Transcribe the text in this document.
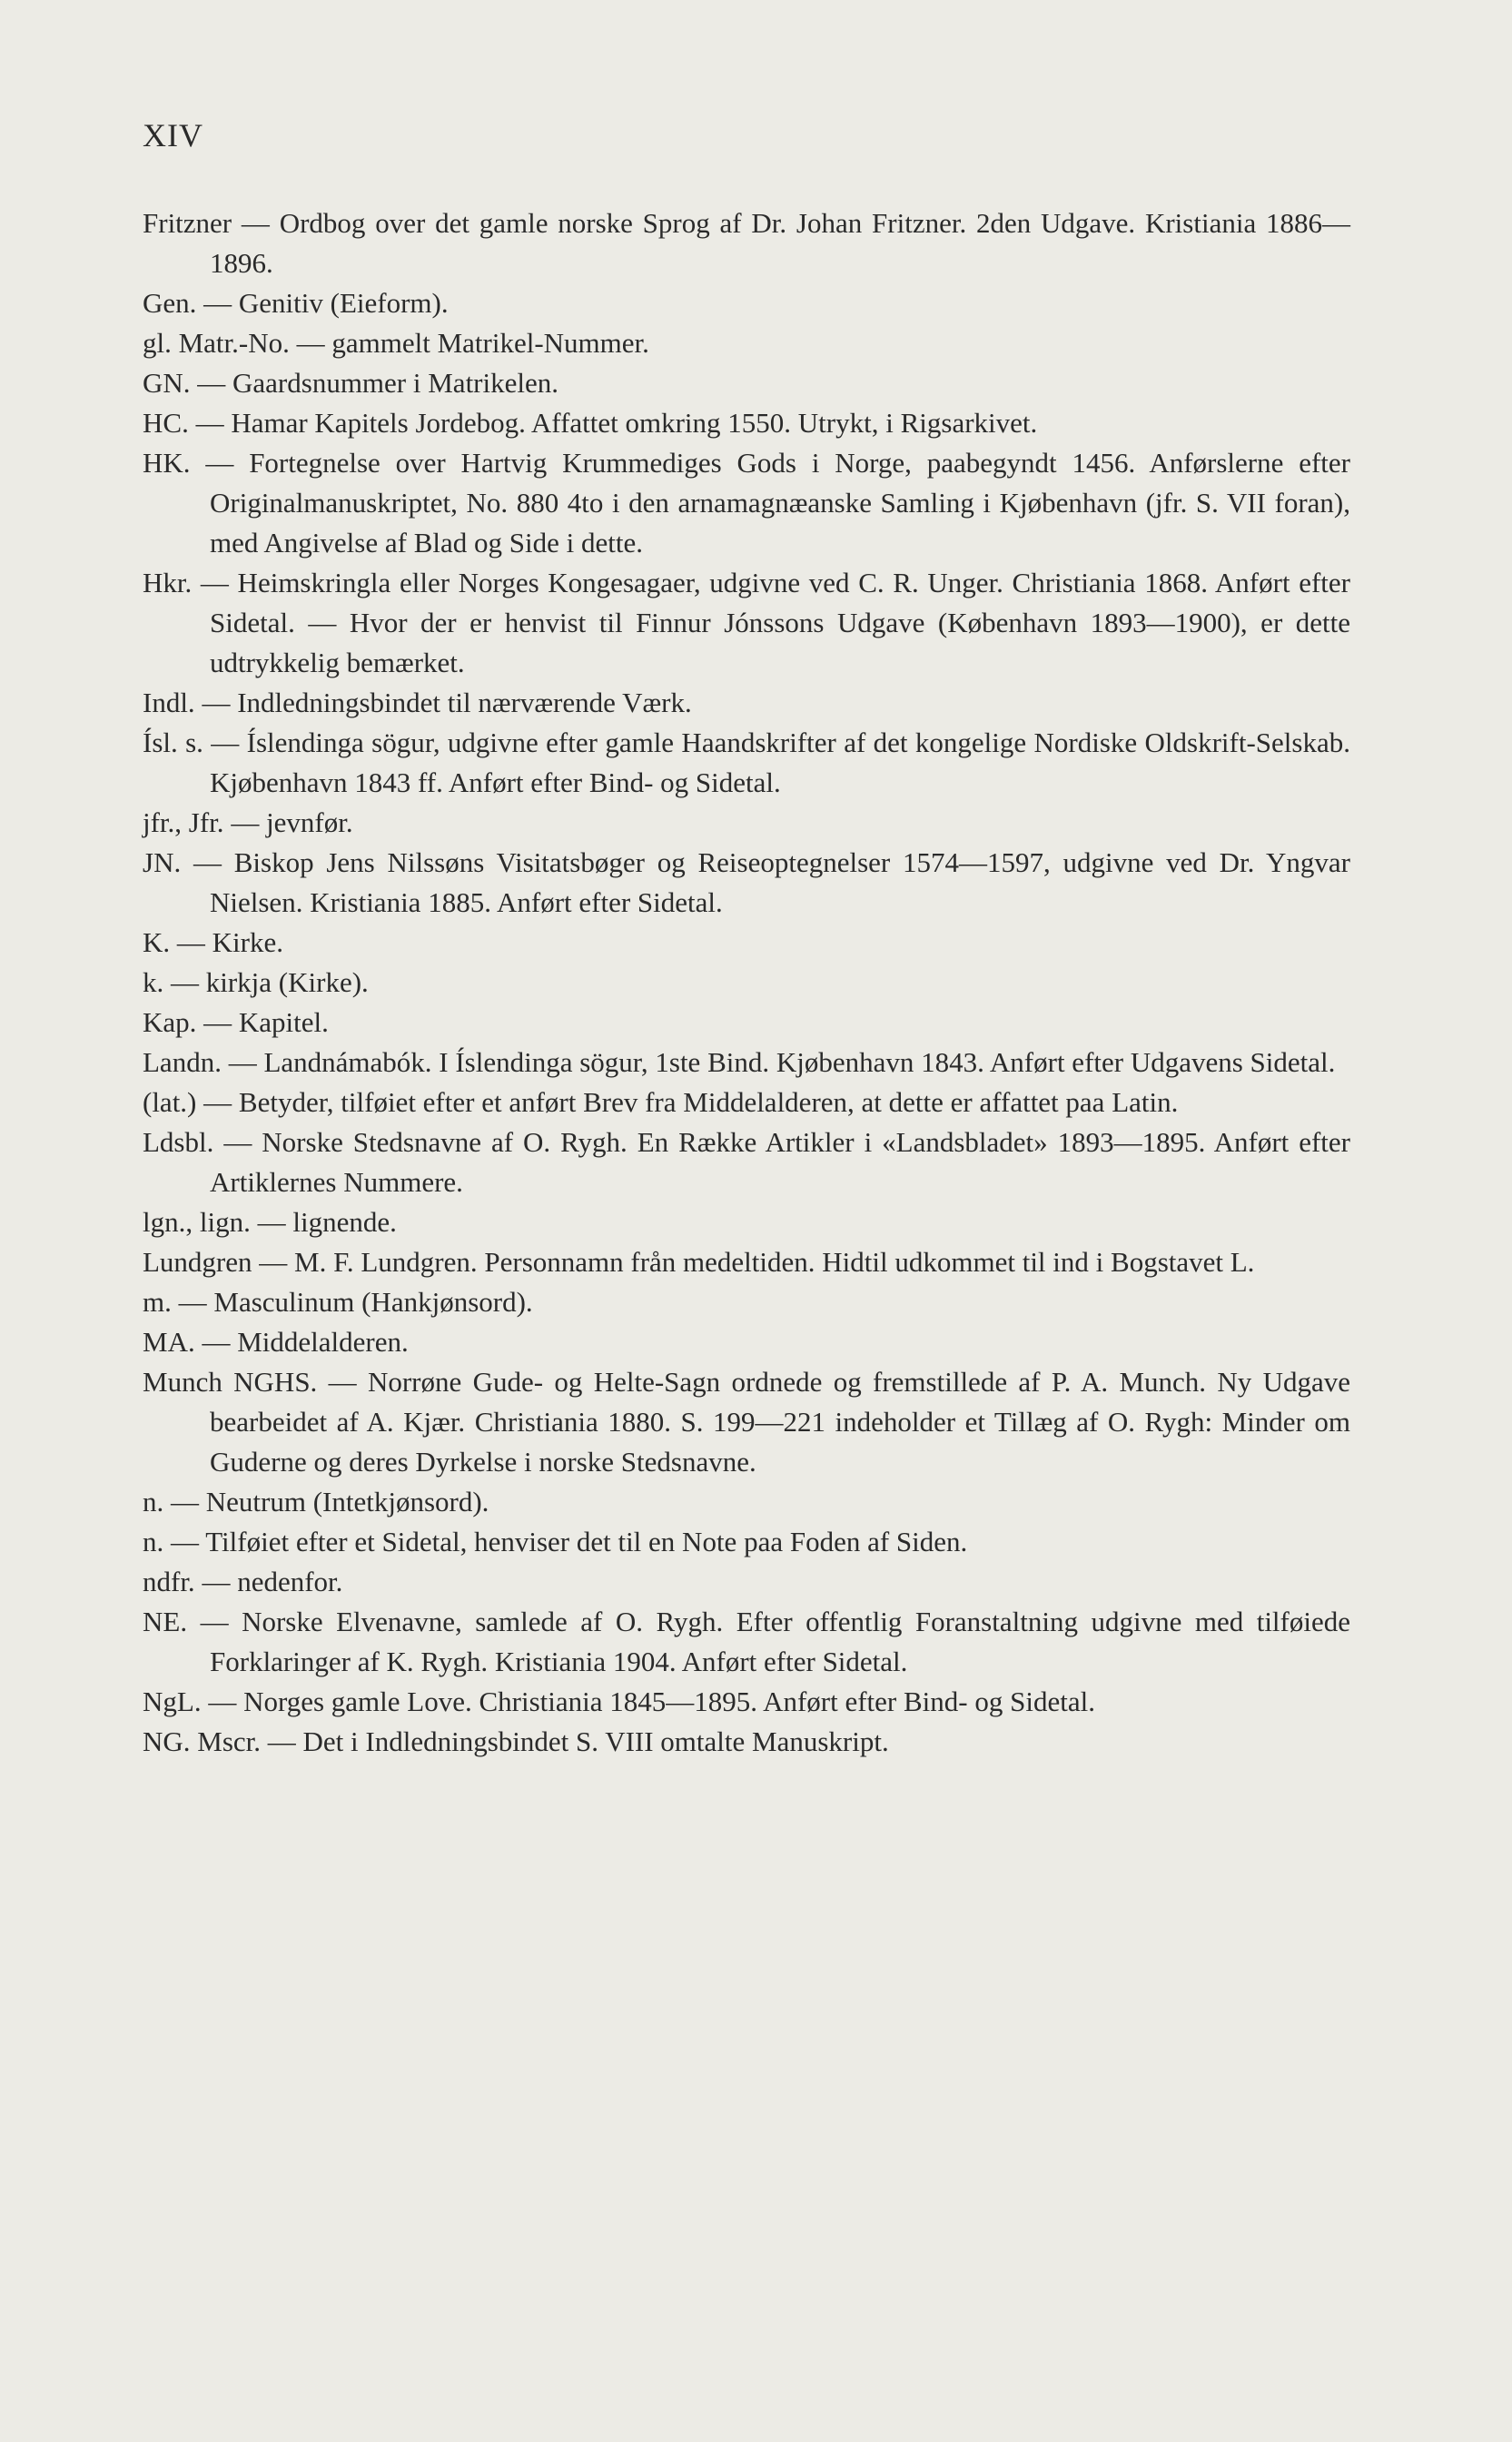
XIV

Fritzner — Ordbog over det gamle norske Sprog af Dr. Johan Fritzner. 2den Udgave. Kristiania 1886—1896.

Gen. — Genitiv (Eieform).

gl. Matr.-No. — gammelt Matrikel-Nummer.

GN. — Gaardsnummer i Matrikelen.

HC. — Hamar Kapitels Jordebog. Affattet omkring 1550. Utrykt, i Rigsarkivet.

HK. — Fortegnelse over Hartvig Krummediges Gods i Norge, paabegyndt 1456. Anførslerne efter Originalmanuskriptet, No. 880 4to i den arnamagnæanske Samling i Kjøbenhavn (jfr. S. VII foran), med Angivelse af Blad og Side i dette.

Hkr. — Heimskringla eller Norges Kongesagaer, udgivne ved C. R. Unger. Christiania 1868. Anført efter Sidetal. — Hvor der er henvist til Finnur Jónssons Udgave (København 1893—1900), er dette udtrykkelig bemærket.

Indl. — Indledningsbindet til nærværende Værk.

Ísl. s. — Íslendinga sögur, udgivne efter gamle Haandskrifter af det kongelige Nordiske Oldskrift-Selskab. Kjøbenhavn 1843 ff. Anført efter Bind- og Sidetal.

jfr., Jfr. — jevnfør.

JN. — Biskop Jens Nilssøns Visitatsbøger og Reiseoptegnelser 1574—1597, udgivne ved Dr. Yngvar Nielsen. Kristiania 1885. Anført efter Sidetal.

K. — Kirke.

k. — kirkja (Kirke).

Kap. — Kapitel.

Landn. — Landnámabók. I Íslendinga sögur, 1ste Bind. Kjøbenhavn 1843. Anført efter Udgavens Sidetal.

(lat.) — Betyder, tilføiet efter et anført Brev fra Middelalderen, at dette er affattet paa Latin.

Ldsbl. — Norske Stedsnavne af O. Rygh. En Række Artikler i «Landsbladet» 1893—1895. Anført efter Artiklernes Nummere.

lgn., lign. — lignende.

Lundgren — M. F. Lundgren. Personnamn från medeltiden. Hidtil udkommet til ind i Bogstavet L.

m. — Masculinum (Hankjønsord).

MA. — Middelalderen.

Munch NGHS. — Norrøne Gude- og Helte-Sagn ordnede og fremstillede af P. A. Munch. Ny Udgave bearbeidet af A. Kjær. Christiania 1880. S. 199—221 indeholder et Tillæg af O. Rygh: Minder om Guderne og deres Dyrkelse i norske Stedsnavne.

n. — Neutrum (Intetkjønsord).

n. — Tilføiet efter et Sidetal, henviser det til en Note paa Foden af Siden.

ndfr. — nedenfor.

NE. — Norske Elvenavne, samlede af O. Rygh. Efter offentlig Foranstaltning udgivne med tilføiede Forklaringer af K. Rygh. Kristiania 1904. Anført efter Sidetal.

NgL. — Norges gamle Love. Christiania 1845—1895. Anført efter Bind- og Sidetal.

NG. Mscr. — Det i Indledningsbindet S. VIII omtalte Manuskript.
